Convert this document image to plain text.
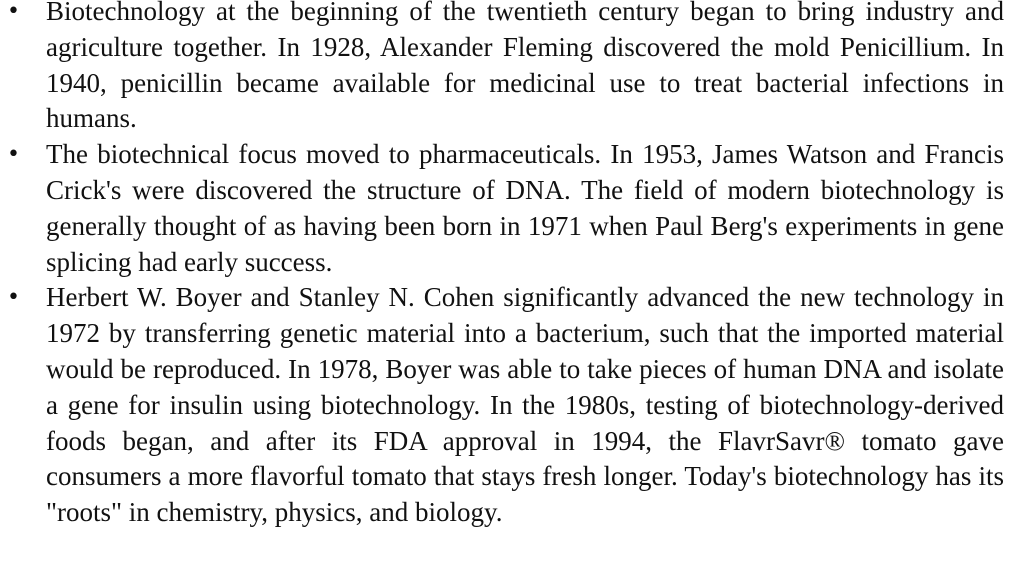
• Biotechnology at the beginning of the twentieth century began to bring industry and agriculture together. In 1928, Alexander Fleming discovered the mold Penicillium. In 1940, penicillin became available for medicinal use to treat bacterial infections in humans.
• The biotechnical focus moved to pharmaceuticals. In 1953, James Watson and Francis Crick's were discovered the structure of DNA. The field of modern biotechnology is generally thought of as having been born in 1971 when Paul Berg's experiments in gene splicing had early success.
• Herbert W. Boyer and Stanley N. Cohen significantly advanced the new technology in 1972 by transferring genetic material into a bacterium, such that the imported material would be reproduced. In 1978, Boyer was able to take pieces of human DNA and isolate a gene for insulin using biotechnology. In the 1980s, testing of biotechnology-derived foods began, and after its FDA approval in 1994, the FlavrSavr® tomato gave consumers a more flavorful tomato that stays fresh longer. Today's biotechnology has its "roots" in chemistry, physics, and biology.
